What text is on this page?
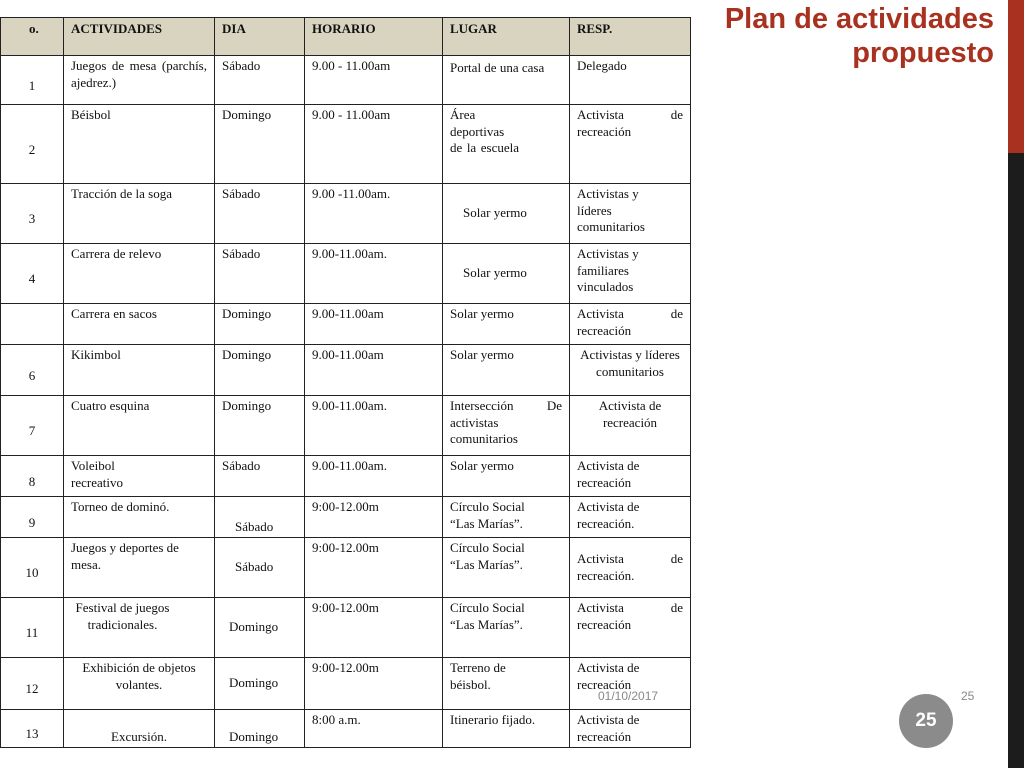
Plan de actividades
propuesto
o.	ACTIVIDADES	DIA	HORARIO	LUGAR	RESP.
1	Juegos de mesa (parchís, ajedrez.)	Sábado	9.00 - 11.00am	Portal de una casa	Delegado
2	Béisbol	Domingo	9.00 - 11.00am	Área deportivas de la escuela	Activista de recreación
3	Tracción de la soga	Sábado	9.00 -11.00am.	Solar yermo	Activistas y líderes comunitarios
4	Carrera de relevo	Sábado	9.00-11.00am.	Solar yermo	Activistas y familiares vinculados
	Carrera en sacos	Domingo	9.00-11.00am	Solar yermo	Activista de recreación
6	Kikimbol	Domingo	9.00-11.00am	Solar yermo	Activistas y líderes comunitarios
7	Cuatro esquina	Domingo	9.00-11.00am.	Intersección De activistas comunitarios	Activista de recreación
8	Voleibol recreativo	Sábado	9.00-11.00am.	Solar yermo	Activista de recreación
9	Torneo de dominó.	Sábado	9:00-12.00m	Círculo Social “Las Marías”.	Activista de recreación.
10	Juegos y deportes de mesa.	Sábado	9:00-12.00m	Círculo Social “Las Marías”.	Activista de recreación.
11	Festival de juegos tradicionales.	Domingo	9:00-12.00m	Círculo Social “Las Marías”.	Activista de recreación
12	Exhibición de objetos volantes.	Domingo	9:00-12.00m	Terreno de béisbol.	Activista de recreación
13	Excursión.	Domingo	8:00 a.m.	Itinerario fijado.	Activista de recreación
01/10/2017	25
25
